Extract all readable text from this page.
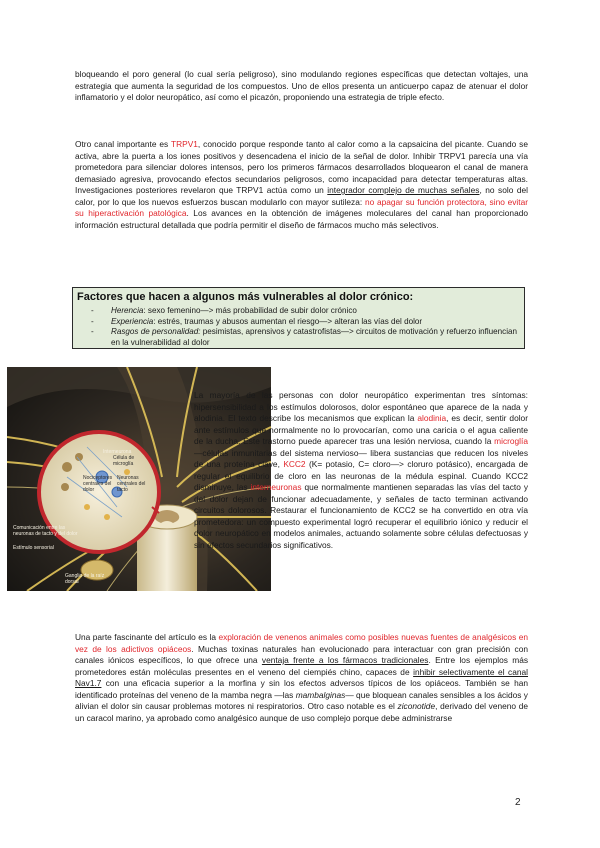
bloqueando el poro general (lo cual sería peligroso), sino modulando regiones específicas que detectan voltajes, una estrategia que aumenta la seguridad de los compuestos. Uno de ellos presenta un anticuerpo capaz de atenuar el dolor inflamatorio y el dolor neuropático, así como el picazón, proponiendo una estrategia de triple efecto.

Otro canal importante es TRPV1, conocido porque responde tanto al calor como a la capsaicina del picante. Cuando se activa, abre la puerta a los iones positivos y desencadena el inicio de la señal de dolor. Inhibir TRPV1 parecía una vía prometedora para silenciar dolores intensos, pero los primeros fármacos desarrollados bloquearon el canal de manera demasiado agresiva, provocando efectos secundarios peligrosos, como incapacidad para detectar temperaturas altas. Investigaciones posteriores revelaron que TRPV1 actúa como un integrador complejo de muchas señales, no solo del calor, por lo que los nuevos esfuerzos buscan modularlo con mayor sutileza: no apagar su función protectora, sino evitar su hiperactivación patológica. Los avances en la obtención de imágenes moleculares del canal han proporcionado información estructural detallada que podría permitir el diseño de fármacos mucho más selectivos.

Factores que hacen a algunos más vulnerables al dolor crónico:
- Herencia: sexo femenino—> más probabilidad de subir dolor crónico
- Experiencia: estrés, traumas y abusos aumentan el riesgo—> alteran las vías del dolor
- Rasgos de personalidad: pesimistas, aprensivos y catastrofistas—> circuitos de motivación y refuerzo influencian en la vulnerabilidad al dolor
Interneurona
Célula de microglía
Nociceptores centrales del dolor
Neuronas centrales del tacto
Comunicación entre las neuronas de tacto y del dolor
Estímulo sensorial
Ganglio de la raíz dorsal

La mayoría de las personas con dolor neuropático experimentan tres síntomas: hipersensibilidad a los estímulos dolorosos, dolor espontáneo que aparece de la nada y alodinia. El texto describe los mecanismos que explican la alodinia, es decir, sentir dolor ante estímulos que normalmente no lo provocarían, como una caricia o el agua caliente de la ducha. Este trastorno puede aparecer tras una lesión nerviosa, cuando la microglía —células inmunitarias del sistema nervioso— libera sustancias que reducen los niveles de una proteína clave, KCC2 (K= potasio, C= cloro—> cloruro potásico), encargada de regular el equilibrio de cloro en las neuronas de la médula espinal. Cuando KCC2 disminuye, las interneuronas que normalmente mantienen separadas las vías del tacto y del dolor dejan de funcionar adecuadamente, y señales de tacto terminan activando circuitos dolorosos. Restaurar el funcionamiento de KCC2 se ha convertido en otra vía prometedora: un compuesto experimental logró recuperar el equilibrio iónico y reducir el dolor neuropático en modelos animales, actuando solamente sobre células defectuosas y sin efectos secundarios significativos.

Una parte fascinante del artículo es la exploración de venenos animales como posibles nuevas fuentes de analgésicos en vez de los adictivos opiáceos. Muchas toxinas naturales han evolucionado para interactuar con gran precisión con canales iónicos específicos, lo que ofrece una ventaja frente a los fármacos tradicionales. Entre los ejemplos más prometedores están moléculas presentes en el veneno del ciempiés chino, capaces de inhibir selectivamente el canal Nav1.7 con una eficacia superior a la morfina y sin los efectos adversos típicos de los opiáceos. También se han identificado proteínas del veneno de la mamba negra —las mambalginas— que bloquean canales sensibles a los ácidos y alivian el dolor sin causar problemas motores ni respiratorios. Otro caso notable es el ziconotide, derivado del veneno de un caracol marino, ya aprobado como analgésico aunque de uso complejo porque debe administrarse

2
